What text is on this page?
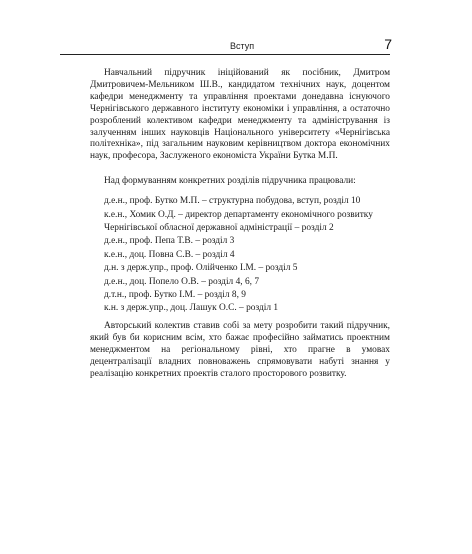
Вступ	7

Навчальний підручник ініційований як посібник, Дмитром Дмитровичем-Мельником Ш.В., кандидатом технічних наук, доцентом кафедри менеджменту та управління проектами донедавна існуючого Чернігівського державного інституту економіки і управління, а остаточно розроблений колективом кафедри менеджменту та адміністрування із залученням інших науковців Національного університету «Чернігівська політехніка», під загальним науковим керівництвом доктора економічних наук, професора, Заслуженого економіста України Бутка М.П.

Над формуванням конкретних розділів підручника працювали:

д.е.н., проф. Бутко М.П. – структурна побудова, вступ, розділ 10
к.е.н., Хомик О.Д. – директор департаменту економічного розвитку
Чернігівської обласної державної адміністрації – розділ 2
д.е.н., проф. Пепа Т.В. – розділ 3
к.е.н., доц. Повна С.В. – розділ 4
д.н. з держ.упр., проф. Олійченко І.М. – розділ 5
д.е.н., доц. Попело О.В. – розділ 4, 6, 7
д.т.н., проф. Бутко І.М. – розділ 8, 9
к.н. з держ.упр., доц. Лашук О.С. – розділ 1

Авторський колектив ставив собі за мету розробити такий підручник, який був би корисним всім, хто бажає професійно займатись проектним менеджментом на регіональному рівні, хто прагне в умовах децентралізації владних повноважень спрямовувати набуті знання у реалізацію конкретних проектів сталого просторового розвитку.
